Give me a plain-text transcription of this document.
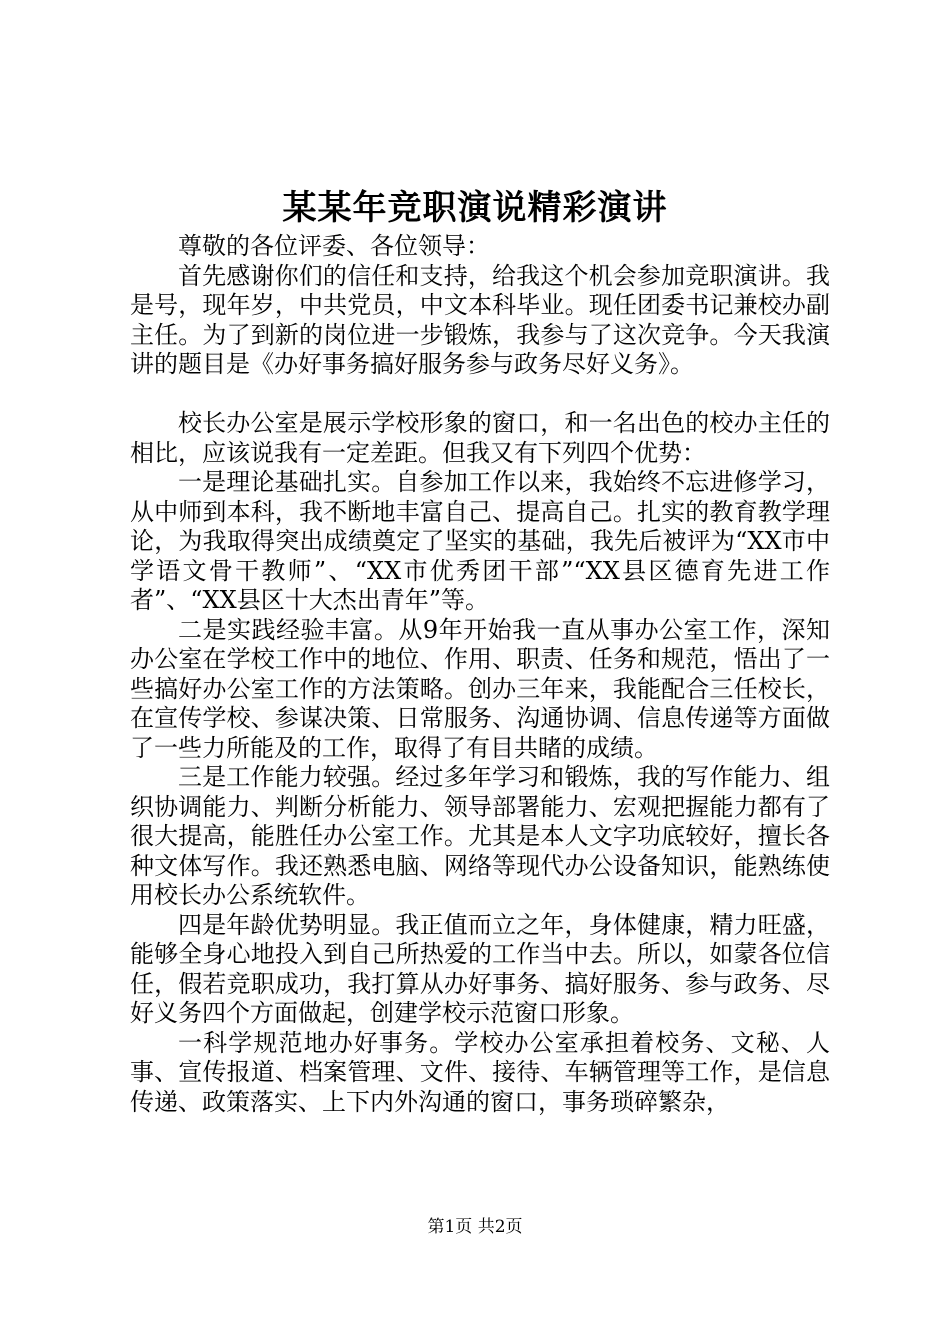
某某年竞职演说精彩演讲

尊敬的各位评委、各位领导：

首先感谢你们的信任和支持，给我这个机会参加竞职演讲。我是号，现年岁，中共党员，中文本科毕业。现任团委书记兼校办副主任。为了到新的岗位进一步锻炼，我参与了这次竞争。今天我演讲的题目是《办好事务搞好服务参与政务尽好义务》。

校长办公室是展示学校形象的窗口，和一名出色的校办主任的相比，应该说我有一定差距。但我又有下列四个优势：

一是理论基础扎实。自参加工作以来，我始终不忘进修学习，从中师到本科，我不断地丰富自己、提高自己。扎实的教育教学理论，为我取得突出成绩奠定了坚实的基础，我先后被评为“XX市中学语文骨干教师”、“XX市优秀团干部”“XX县区德育先进工作者”、“XX县区十大杰出青年”等。

二是实践经验丰富。从9年开始我一直从事办公室工作，深知办公室在学校工作中的地位、作用、职责、任务和规范，悟出了一些搞好办公室工作的方法策略。创办三年来，我能配合三任校长，在宣传学校、参谋决策、日常服务、沟通协调、信息传递等方面做了一些力所能及的工作，取得了有目共睹的成绩。

三是工作能力较强。经过多年学习和锻炼，我的写作能力、组织协调能力、判断分析能力、领导部署能力、宏观把握能力都有了很大提高，能胜任办公室工作。尤其是本人文字功底较好，擅长各种文体写作。我还熟悉电脑、网络等现代办公设备知识，能熟练使用校长办公系统软件。

四是年龄优势明显。我正值而立之年，身体健康，精力旺盛，能够全身心地投入到自己所热爱的工作当中去。所以，如蒙各位信任，假若竞职成功，我打算从办好事务、搞好服务、参与政务、尽好义务四个方面做起，创建学校示范窗口形象。

一科学规范地办好事务。学校办公室承担着校务、文秘、人事、宣传报道、档案管理、文件、接待、车辆管理等工作，是信息传递、政策落实、上下内外沟通的窗口，事务琐碎繁杂，

第1页 共2页
